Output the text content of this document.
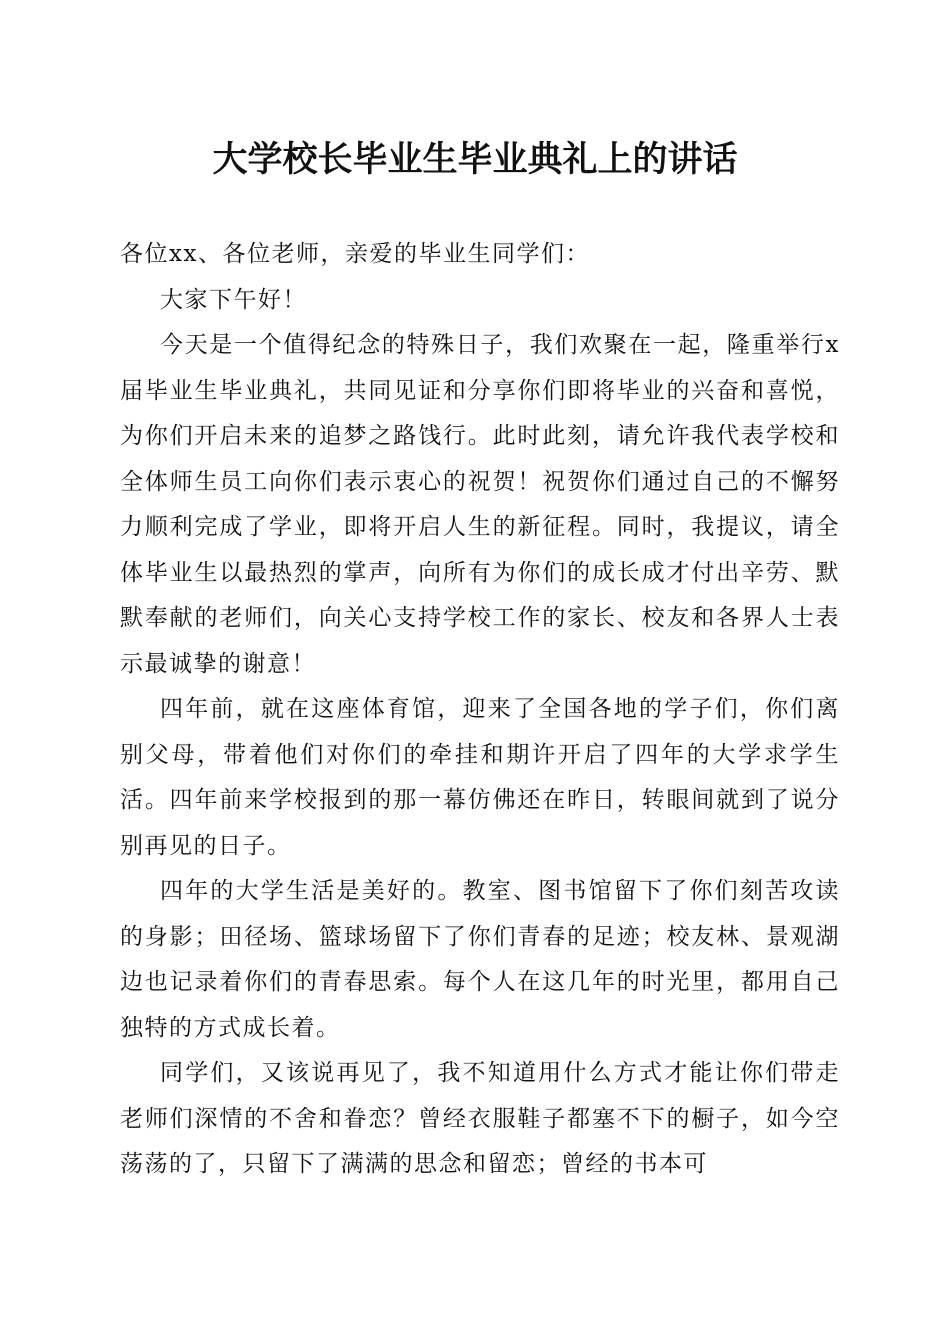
大学校长毕业生毕业典礼上的讲话

各位xx、各位老师，亲爱的毕业生同学们：

大家下午好！

今天是一个值得纪念的特殊日子，我们欢聚在一起，隆重举行x届毕业生毕业典礼，共同见证和分享你们即将毕业的兴奋和喜悦，为你们开启未来的追梦之路饯行。此时此刻，请允许我代表学校和全体师生员工向你们表示衷心的祝贺！祝贺你们通过自己的不懈努力顺利完成了学业，即将开启人生的新征程。同时，我提议，请全体毕业生以最热烈的掌声，向所有为你们的成长成才付出辛劳、默默奉献的老师们，向关心支持学校工作的家长、校友和各界人士表示最诚挚的谢意！

四年前，就在这座体育馆，迎来了全国各地的学子们，你们离别父母，带着他们对你们的牵挂和期许开启了四年的大学求学生活。四年前来学校报到的那一幕仿佛还在昨日，转眼间就到了说分别再见的日子。

四年的大学生活是美好的。教室、图书馆留下了你们刻苦攻读的身影；田径场、篮球场留下了你们青春的足迹；校友林、景观湖边也记录着你们的青春思索。每个人在这几年的时光里，都用自己独特的方式成长着。

同学们，又该说再见了，我不知道用什么方式才能让你们带走老师们深情的不舍和眷恋？曾经衣服鞋子都塞不下的橱子，如今空荡荡的了，只留下了满满的思念和留恋；曾经的书本可
